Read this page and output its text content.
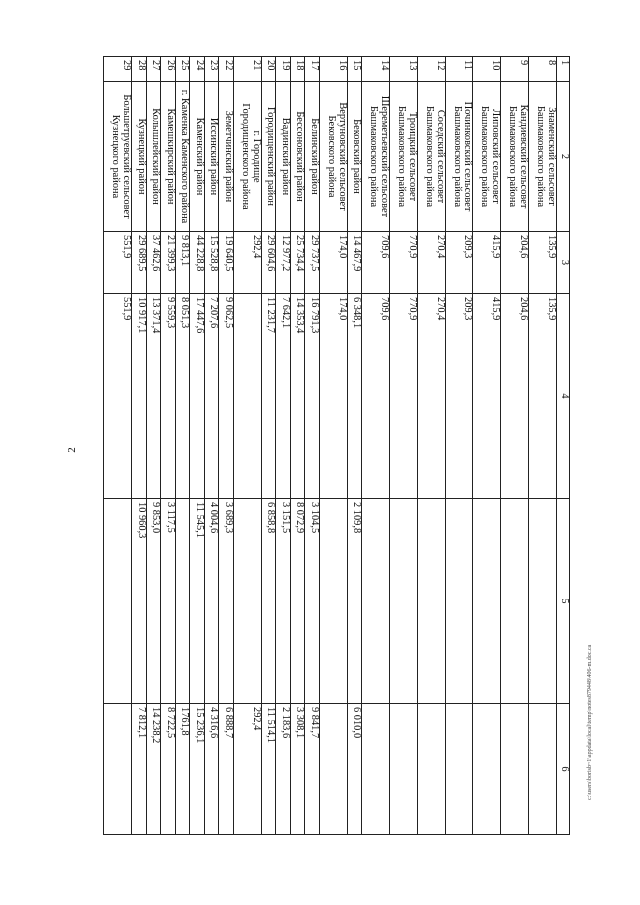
2
1	2	3	4	5	6
8	Знаменский сельсовет
Башмаковского района	135,9	135,9		
9	Кандиевский сельсовет
Башмаковского района	204,6	204,6		
10	Липовский сельсовет
Башмаковского района	415,9	415,9		
11	Починковский сельсовет
Башмаковского района	209,3	209,3		
12	Соседский сельсовет
Башмаковского района	270,4	270,4		
13	Троицкий сельсовет
Башмаковского района	770,9	770,9		
14	Шереметьевский сельсовет
Башмаковского района	709,6	709,6		
15	Бековский район	14 467,9	6 348,1	2 109,8	6 010,0
16	Вертуновский сельсовет
Бековского района	174,0	174,0		
17	Белинский район	29 737,5	16 791,3	3 104,5	9 841,7
18	Бессоновский район	25 734,4	14 353,4	8 072,9	3 308,1
19	Вадинский район	12 977,2	7 642,1	3 151,5	2 183,6
20	Городищенский район	29 604,6	11 231,7	6 858,8	11 514,1
21	г. Городище
Городищенского района	292,4			292,4
22	Земетчинский район	19 640,5	9 062,5	3 689,3	6 888,7
23	Иссинский район	15 528,8	7 207,6	4 004,6	4 316,6
24	Каменский район	44 228,8	17 447,6	11 545,1	15 236,1
25	г. Каменка Каменского района	9 813,1	8 051,3		1761,8
26	Камешкирский район	21 399,3	9 559,3	3 117,5	8 722,5
27	Колышлейский район	37 462,6	13 371,4	9 853,0	14 238,2
28	Кузнецкий район	29 689,5	10 917,1	10 960,3	7 812,1
29	Большетруевский сельсовет
Кузнецкого района	551,9	551,9		
c:\users\borisb~1\appdata\local\temp\notes879448\406-m.doc.ca
